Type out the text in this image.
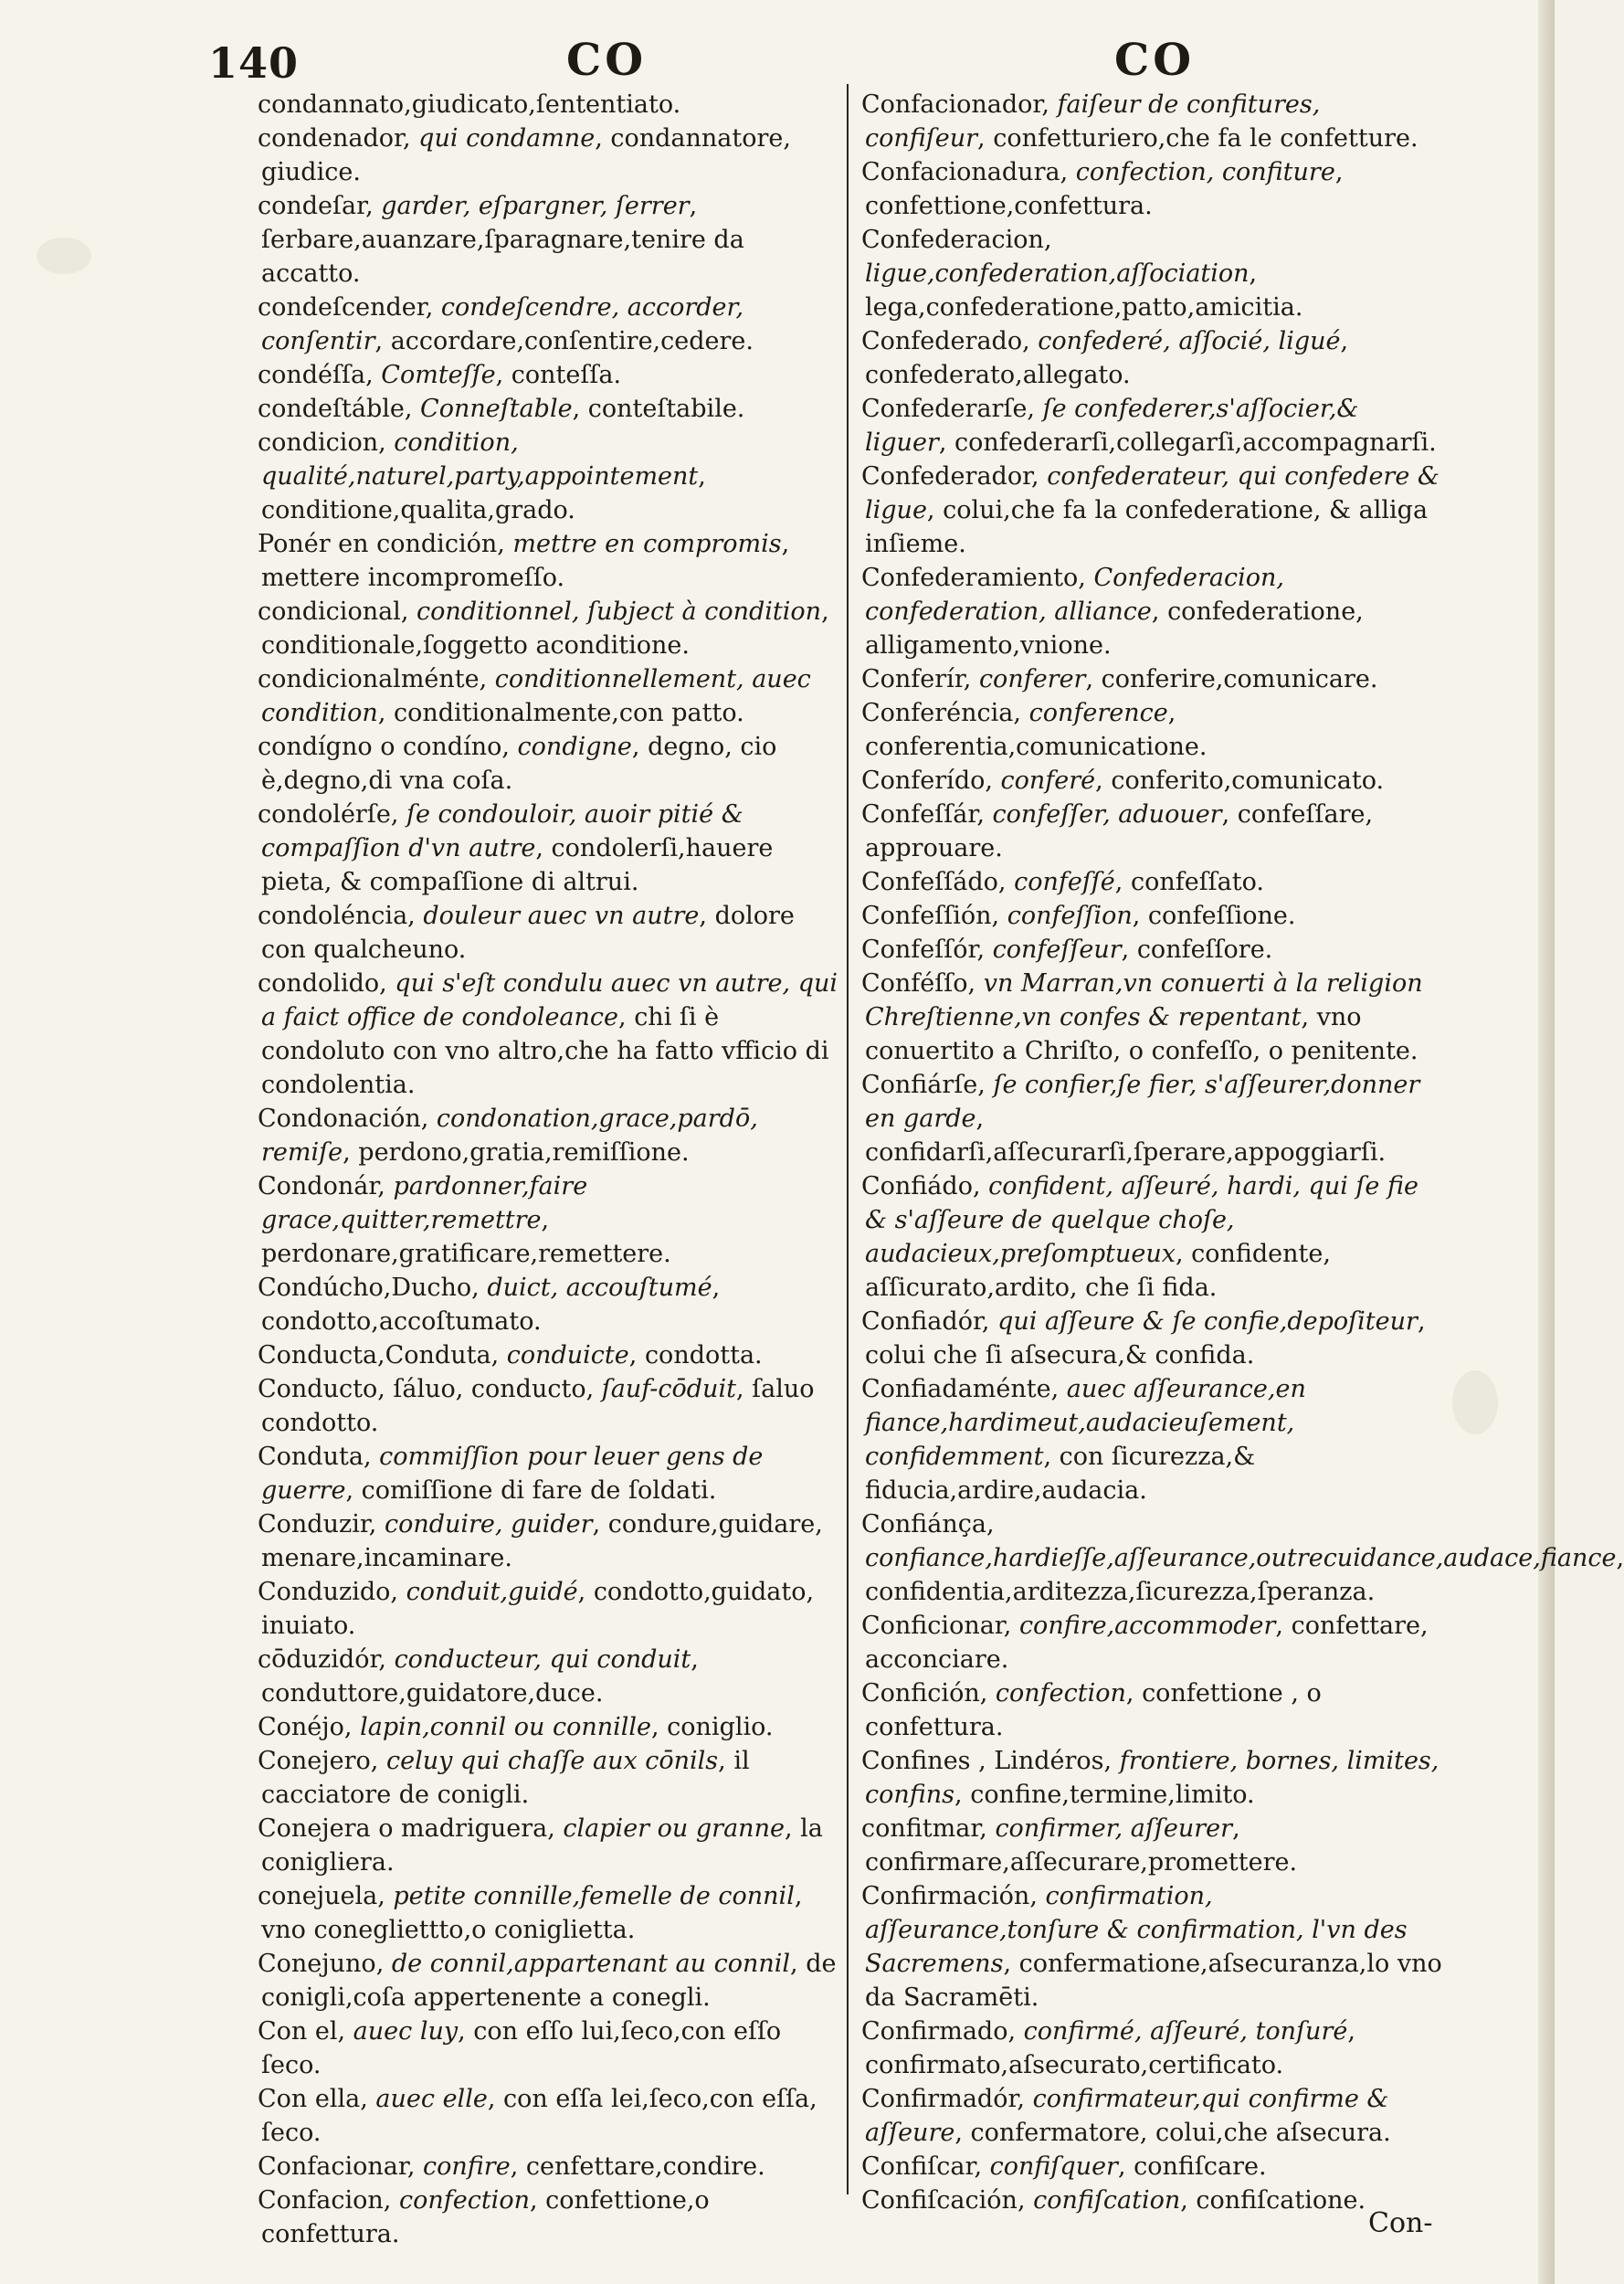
140	CO	CO

condannato,giudicato,ſententiato.

condenador, qui condamne, condannatore, giudice.

condeſar, garder, eſpargner, ſerrer, ſerbare,auanzare,ſparagnare,tenire da accatto.

condeſcender, condeſcendre, accorder, conſentir, accordare,conſentire,cedere.

condéſſa, Comteſſe, conteſſa.

condeſtáble, Conneſtable, conteſtabile.

condicion, condition, qualité,naturel,party,appointement, conditione,qualita,grado.

Ponér en condición, mettre en compromis, mettere incompromeſſo.

condicional, conditionnel, ſubject à condition, conditionale,ſoggetto aconditione.

condicionalménte, conditionnellement, auec condition, conditionalmente,con patto.

condígno o condíno, condigne, degno, cio è,degno,di vna coſa.

condolérſe, ſe condouloir, auoir pitié & compaſſion d'vn autre, condolerſi,hauere pieta, & compaſſione di altrui.

condoléncia, douleur auec vn autre, dolore con qualcheuno.

condolido, qui s'eſt condulu auec vn autre, qui a faict office de condoleance, chi ſi è condoluto con vno altro,che ha fatto vfficio di condolentia.

Condonación, condonation,grace,pardō, remiſe, perdono,gratia,remiſſione.

Condonár, pardonner,faire grace,quitter,remettre, perdonare,gratificare,remettere.

Condúcho,Ducho, duict, accouſtumé, condotto,accoſtumato.

Conducta,Conduta, conduicte, condotta.

Conducto, ſáluo, conducto, ſauf-cōduit, ſaluo condotto.

Conduta, commiſſion pour leuer gens de guerre, comiſſione di fare de ſoldati.

Conduzir, conduire, guider, condure,guidare, menare,incaminare.

Conduzido, conduit,guidé, condotto,guidato, inuiato.

cōduzidór, conducteur, qui conduit, conduttore,guidatore,duce.

Conéjo, lapin,connil ou connille, coniglio.

Conejero, celuy qui chaſſe aux cōnils, il cacciatore de conigli.

Conejera o madriguera, clapier ou granne, la conigliera.

conejuela, petite connille,femelle de connil, vno conegliettto,o coniglietta.

Conejuno, de connil,appartenant au connil, de conigli,coſa appertenente a conegli.

Con el, auec luy, con eſſo lui,ſeco,con eſſo ſeco.

Con ella, auec elle, con eſſa lei,ſeco,con eſſa, ſeco.

Confacionar, confire, cenfettare,condire.

Confacion, confection, confettione,o confettura.

Confacionador, faiſeur de confitures, confiſeur, confetturiero,che fa le confetture.

Confacionadura, confection, confiture, confettione,confettura.

Confederacion, ligue,confederation,aſſociation, lega,confederatione,patto,amicitia.

Confederado, confederé, aſſocié, ligué, confederato,allegato.

Confederarſe, ſe confederer,s'aſſocier,& liguer, confederarſi,collegarſi,accompagnarſi.

Confederador, confederateur, qui confedere & ligue, colui,che fa la confederatione, & alliga inſieme.

Confederamiento, Confederacion, confederation, alliance, confederatione, alligamento,vnione.

Conferír, conferer, conferire,comunicare.

Conferéncia, conference, conferentia,comunicatione.

Conferído, conferé, conferito,comunicato.

Confeſſár, confeſſer, aduouer, confeſſare, approuare.

Confeſſádo, confeſſé, confeſſato.

Confeſſión, confeſſion, confeſſione.

Confeſſór, confeſſeur, confeſſore.

Conféſſo, vn Marran,vn conuerti à la religion Chreſtienne,vn confes & repentant, vno conuertito a Chriſto, o confeſſo, o penitente.

Confiárſe, ſe confier,ſe fier, s'aſſeurer,donner en garde, confidarſi,aſſecurarſi,ſperare,appoggiarſi.

Confiádo, confident, aſſeuré, hardi, qui ſe fie & s'aſſeure de quelque choſe, audacieux,preſomptueux, confidente, aſſicurato,ardito, che ſi fida.

Confiadór, qui aſſeure & ſe confie,depoſiteur, colui che ſi aſsecura,& confida.

Confiadaménte, auec aſſeurance,en fiance,hardimeut,audacieuſement, confidemment, con ſicurezza,& fiducia,ardire,audacia.

Confiánça, confiance,hardieſſe,aſſeurance,outrecuidance,audace,fiance, confidentia,arditezza,ſicurezza,ſperanza.

Conficionar, confire,accommoder, confettare, acconciare.

Confición, confection, confettione , o confettura.

Confines , Lindéros, frontiere, bornes, limites, confins, confine,termine,limito.

confitmar, confirmer, aſſeurer, confirmare,aſſecurare,promettere.

Confirmación, confirmation, aſſeurance,tonſure & confirmation, l'vn des Sacremens, confermatione,aſsecuranza,lo vno da Sacramēti.

Confirmado, confirmé, aſſeuré, tonſuré, confirmato,aſsecurato,certificato.

Confirmadór, confirmateur,qui confirme & aſſeure, confermatore, colui,che aſsecura.

Confiſcar, confiſquer, confiſcare.

Confiſcación, confiſcation, confiſcatione.

Con-
